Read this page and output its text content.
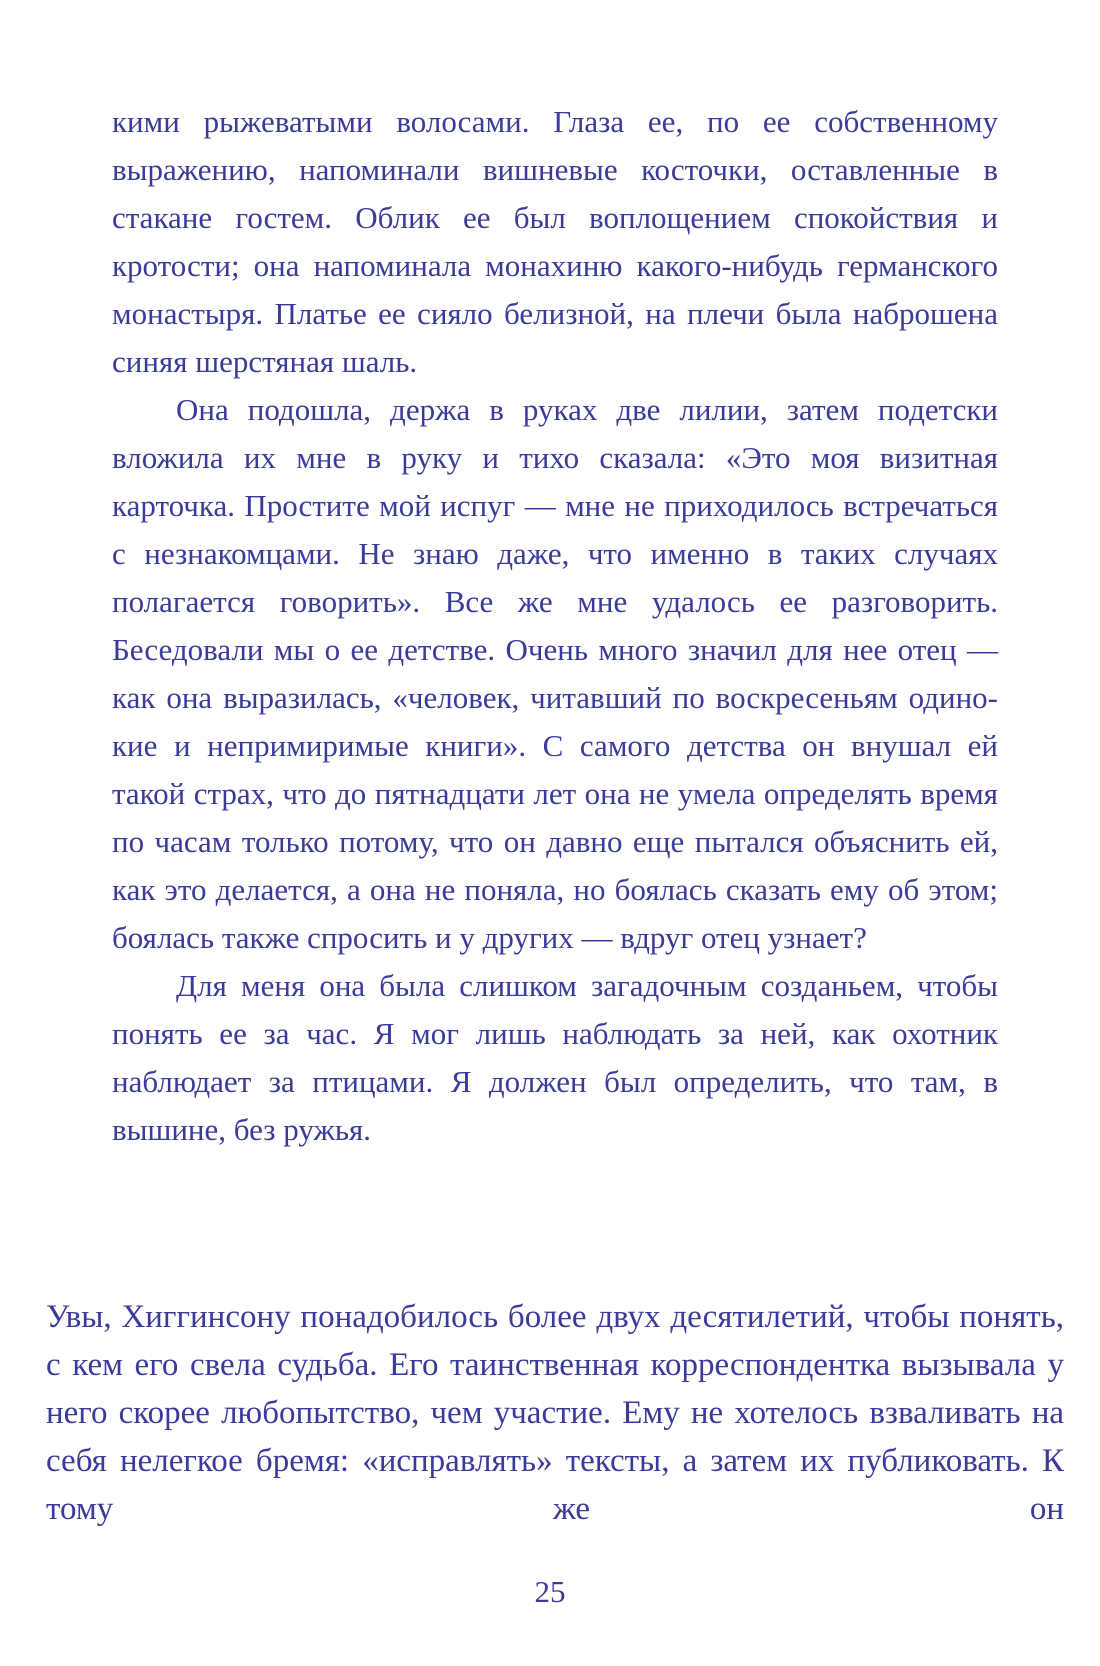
кими рыжеватыми волосами. Глаза ее, по ее собственному выражению, напоминали вишневые косточки, оставленные в стакане гостем. Облик ее был воплощением спокойствия и кротости; она напоминала монахиню какого-нибудь германского монастыря. Платье ее сияло белизной, на плечи была наброшена синяя шерстяная шаль.

Она подошла, держа в руках две лилии, затем подетски вложила их мне в руку и тихо сказала: «Это моя визитная карточка. Простите мой испуг — мне не приходилось встречаться с незнакомцами. Не знаю даже, что именно в таких случаях полагается говорить». Все же мне удалось ее разговорить. Беседовали мы о ее детстве. Очень много значил для нее отец — как она выразилась, «человек, читавший по воскресеньям одинокие и непримиримые книги». С самого детства он внушал ей такой страх, что до пятнадцати лет она не умела определять время по часам только потому, что он давно еще пытался объяснить ей, как это делается, а она не поняла, но боялась сказать ему об этом; боялась также спросить и у других — вдруг отец узнает?

Для меня она была слишком загадочным созданьем, чтобы понять ее за час. Я мог лишь наблюдать за ней, как охотник наблюдает за птицами. Я должен был определить, что там, в вышине, без ружья.

Увы, Хиггинсону понадобилось более двух десятилетий, чтобы понять, с кем его свела судьба. Его таинственная корреспондентка вызывала у него скорее любопытство, чем участие. Ему не хотелось взваливать на себя нелегкое бремя: «исправлять» тексты, а затем их публиковать. К тому же он

25
